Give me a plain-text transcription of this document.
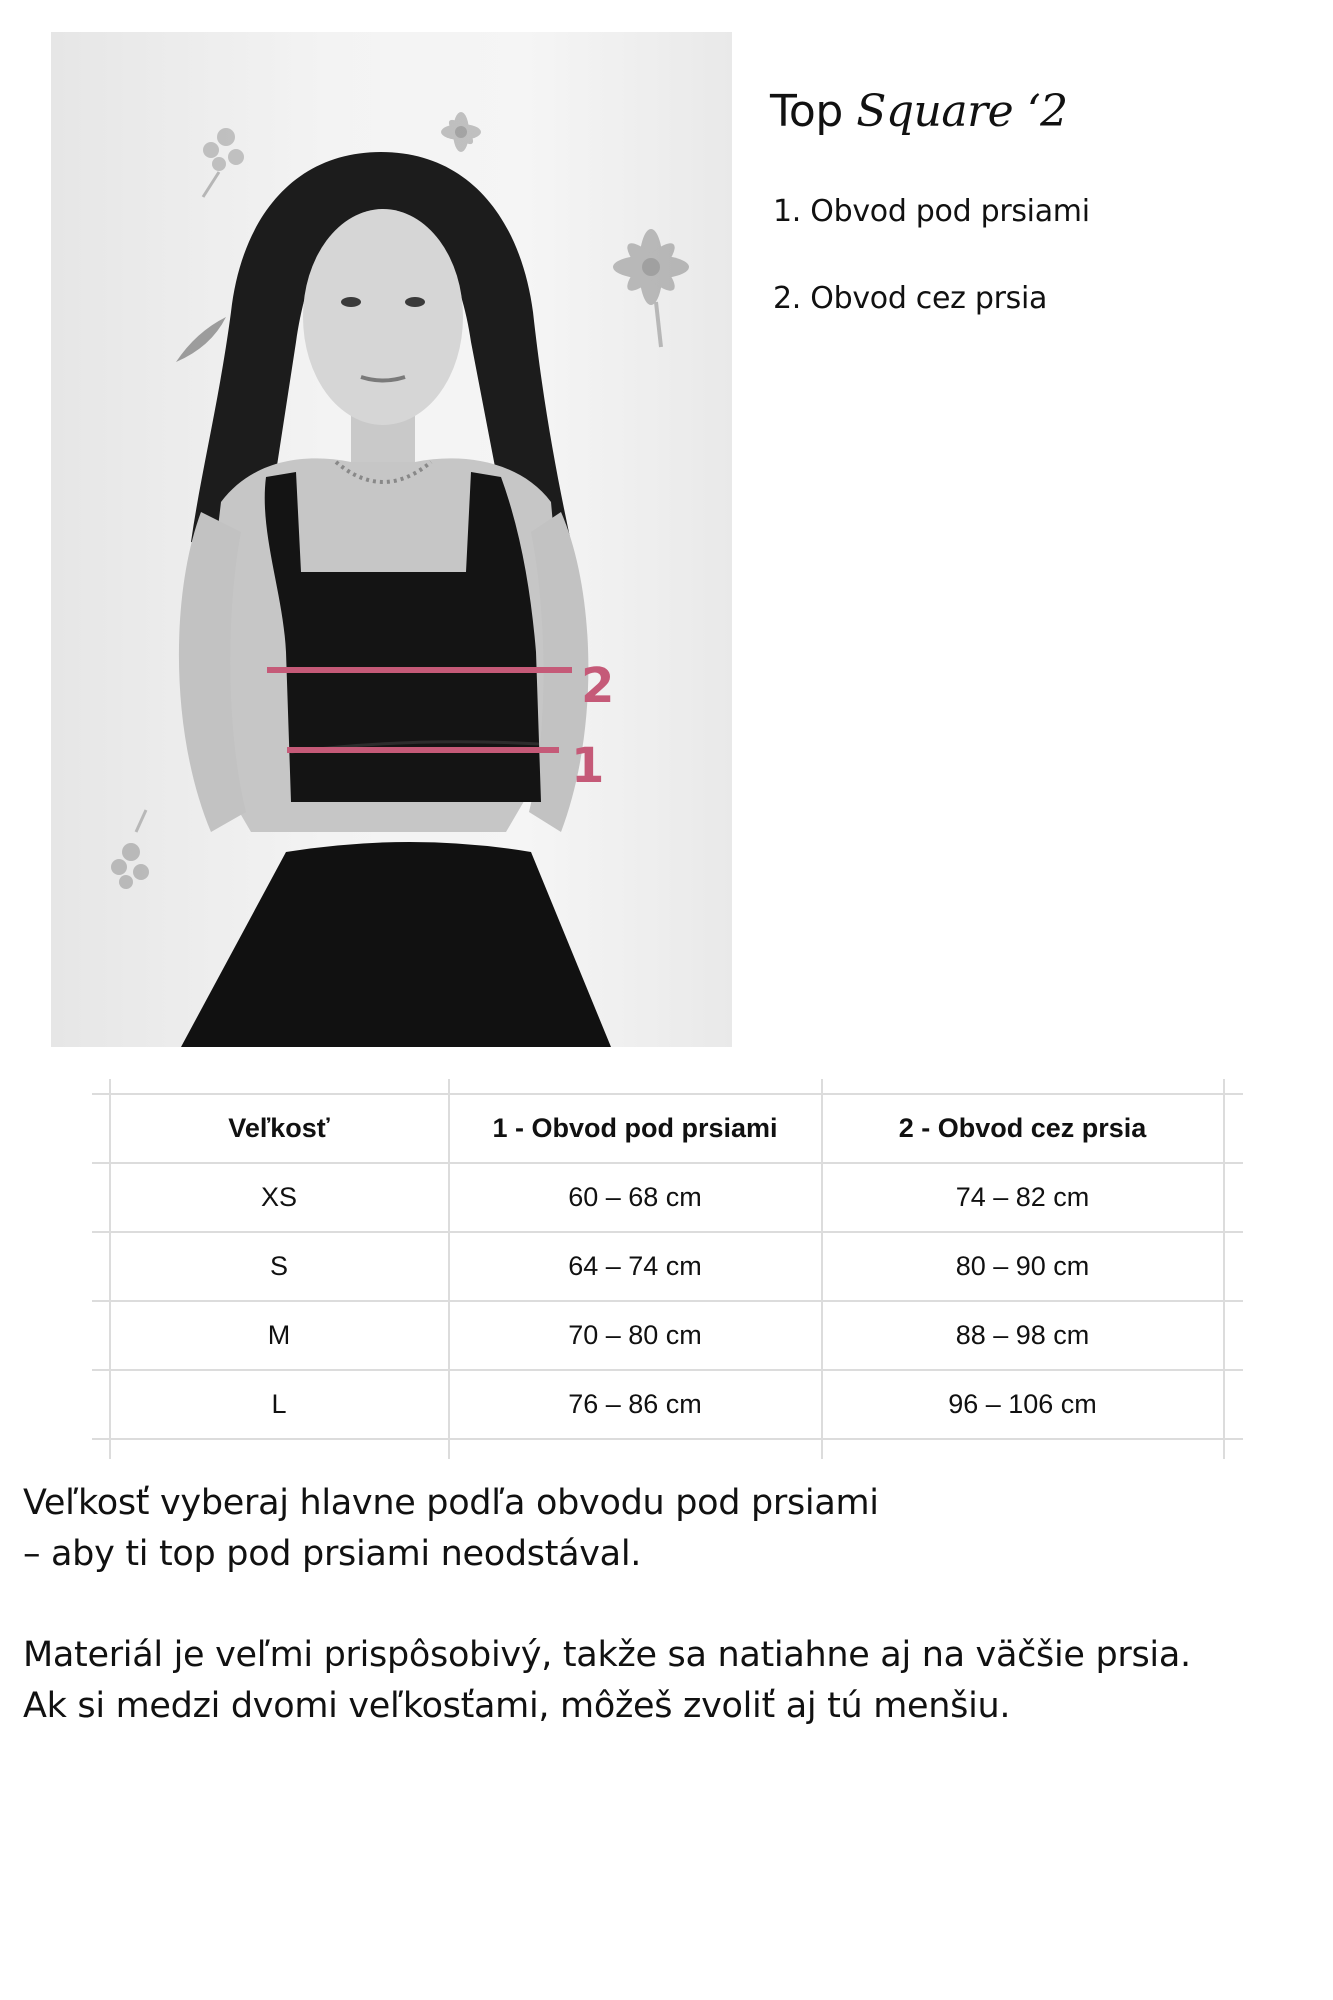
2
1
Top Square ‘2

1. Obvod pod prsiami

2. Obvod cez prsia

Veľkosť	1 - Obvod pod prsiami	2 - Obvod cez prsia
XS	60 – 68 cm	74 – 82 cm
S	64 – 74 cm	80 – 90 cm
M	70 – 80 cm	88 – 98 cm
L	76 – 86 cm	96 – 106 cm

Veľkosť vyberaj hlavne podľa obvodu pod prsiami

– aby ti top pod prsiami neodstával.

Materiál je veľmi prispôsobivý, takže sa natiahne aj na väčšie prsia.

Ak si medzi dvomi veľkosťami, môžeš zvoliť aj tú menšiu.
